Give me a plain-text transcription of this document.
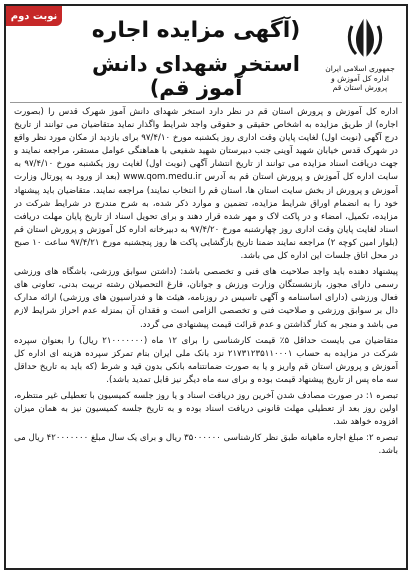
نوبت دوم
(آگهی مزایده اجاره
استخر شهدای دانش آموز قم)
جمهوری اسلامی ایران
اداره کل آموزش و پرورش استان قم

اداره کل آموزش و پرورش استان قم در نظر دارد استخر شهدای دانش آموز شهرک قدس را (بصورت اجاره) از طریق مزایده به اشخاص حقیقی و حقوقی واجد شرایط واگذار نماید متقاضیان می توانند از تاریخ درج آگهی (نوبت اول) لغایت پایان وقت اداری روز یکشنبه مورخ ۹۷/۴/۱۰ برای بازدید از مکان مورد نظر واقع در شهرک قدس خیابان شهید آوینی جنب دبیرستان شهید شفیعی با هماهنگی عوامل مستقر، مراجعه نمایند و جهت دریافت اسناد مزایده می توانند از تاریخ انتشار آگهی (نوبت اول) لغایت روز یکشنبه مورخ ۹۷/۴/۱۰ به سایت اداره کل آموزش و پرورش استان قم به آدرس www.qom.medu.ir (بعد از ورود به پورتال وزارت آموزش و پرورش از بخش سایت استان ها، استان قم را انتخاب نمایند) مراجعه نمایند. متقاضیان باید پیشنهاد خود را به انضمام اوراق شرایط مزایده، تضمین و موارد ذکر شده، به شرح مندرج در شرایط شرکت در مزایده، تکمیل، امضاء و در پاکت لاک و مهر شده قرار دهند و برای تحویل اسناد از تاریخ پایان مهلت دریافت اسناد لغایت پایان وقت اداری روز چهارشنبه مورخ ۹۷/۴/۲۰ به دبیرخانه اداره کل آموزش و پرورش استان قم (بلوار امین کوچه ۲) مراجعه نمایند ضمنا تاریخ بازگشایی پاکت ها روز پنجشنبه مورخ ۹۷/۴/۲۱ ساعت ۱۰ صبح در محل اتاق جلسات این اداره کل می باشد.

پیشنهاد دهنده باید واجد صلاحیت های فنی و تخصصی باشد: (داشتن سوابق ورزشی، باشگاه های ورزشی رسمی دارای مجوز، بازنشستگان وزارت ورزش و جوانان، فارغ التحصیلان رشته تربیت بدنی، تعاونی های فعال ورزشی (دارای اساسنامه و آگهی تاسیس در روزنامه، هیئت ها و فدراسیون های ورزشی) ارائه مدارک دال بر سوابق ورزشی و صلاحیت فنی و تخصصی الزامی است و فقدان آن بمنزله عدم احراز شرایط لازم می باشد و منجر به کنار گذاشتن و عدم قرائت قیمت پیشنهادی می گردد.

متقاضیان می بایست حداقل ۵٪ قیمت کارشناسی را برای ۱۲ ماه (۲۱۰۰۰۰۰۰۰ ریال) را بعنوان سپرده شرکت در مزایده به حساب ۲۱۷۳۱۲۳۵۱۱۰۰۰۱ نزد بانک ملی ایران بنام تمرکز سپرده هزینه ای اداره کل آموزش و پرورش استان قم واریز و یا به صورت ضمانتنامه بانکی بدون قید و شرط (که باید به تاریخ حداقل سه ماه پس از تاریخ پیشنهاد قیمت بوده و برای سه ماه دیگر نیز قابل تمدید باشد).

تبصره ۱: در صورت مصادف شدن آخرین روز دریافت اسناد و یا روز جلسه کمیسیون با تعطیلی غیر منتظره، اولین روز بعد از تعطیلی مهلت قانونی دریافت اسناد بوده و به تاریخ جلسه کمیسیون نیز به همان میزان افزوده خواهد شد.

تبصره ۲: مبلغ اجاره ماهیانه طبق نظر کارشناسی ۳۵۰۰۰۰۰۰ ریال و برای یک سال مبلغ ۴۲۰۰۰۰۰۰۰ ریال می باشد.
